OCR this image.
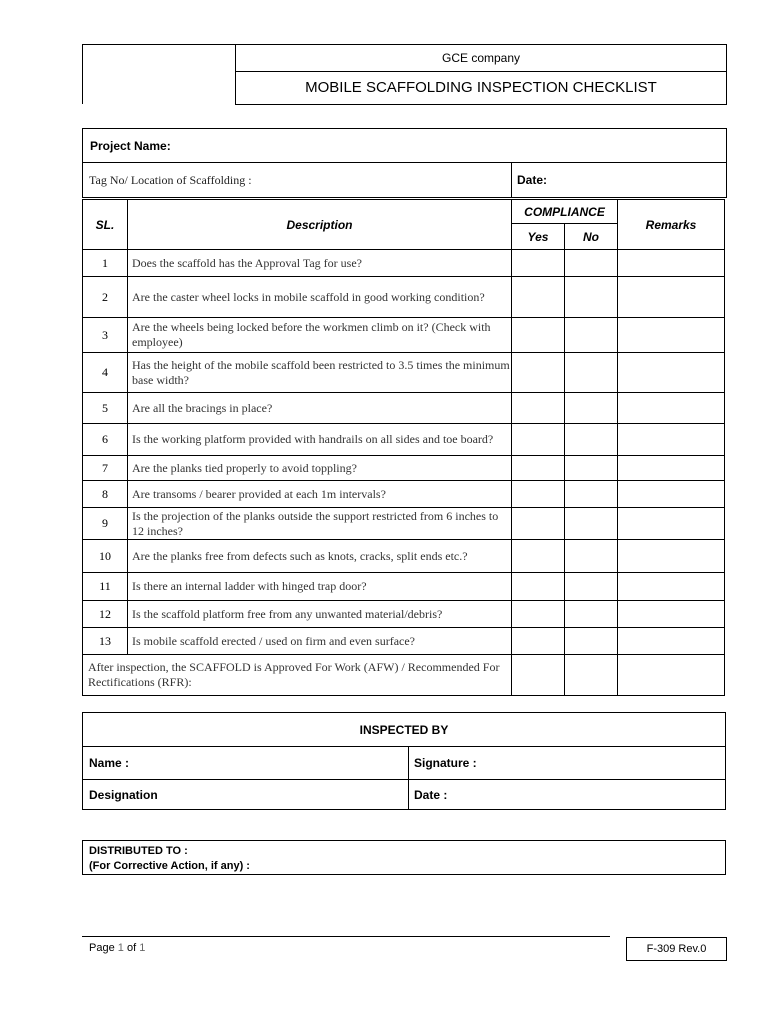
GCE company
MOBILE SCAFFOLDING INSPECTION CHECKLIST
Project Name:
Tag No/ Location of Scaffolding :	Date:
SL.	Description	COMPLIANCE		Remarks
		Yes	No	
1	Does the scaffold has the Approval Tag for use?			
2	Are the caster wheel locks in mobile scaffold in good working condition?			
3	Are the wheels being locked before the workmen climb on it? (Check with employee)			
4	Has the height of the mobile scaffold been restricted to 3.5 times the minimum base width?			
5	Are all the bracings in place?			
6	Is the working platform provided with handrails on all sides and toe board?			
7	Are the planks tied properly to avoid toppling?			
8	Are transoms / bearer provided at each 1m intervals?			
9	Is the projection of the planks outside the support restricted from 6 inches to 12 inches?			
10	Are the planks free from defects such as knots, cracks, split ends etc.?			
11	Is there an internal ladder with hinged trap door?			
12	Is the scaffold platform free from any unwanted material/debris?			
13	Is mobile scaffold erected / used on firm and even surface?			
After inspection, the SCAFFOLD is Approved For Work (AFW) / Recommended For Rectifications (RFR):				
INSPECTED BY
Name :	Signature :
Designation	Date :
DISTRIBUTED TO :
(For Corrective Action, if any) :
Page 1 of 1	F-309 Rev.0
